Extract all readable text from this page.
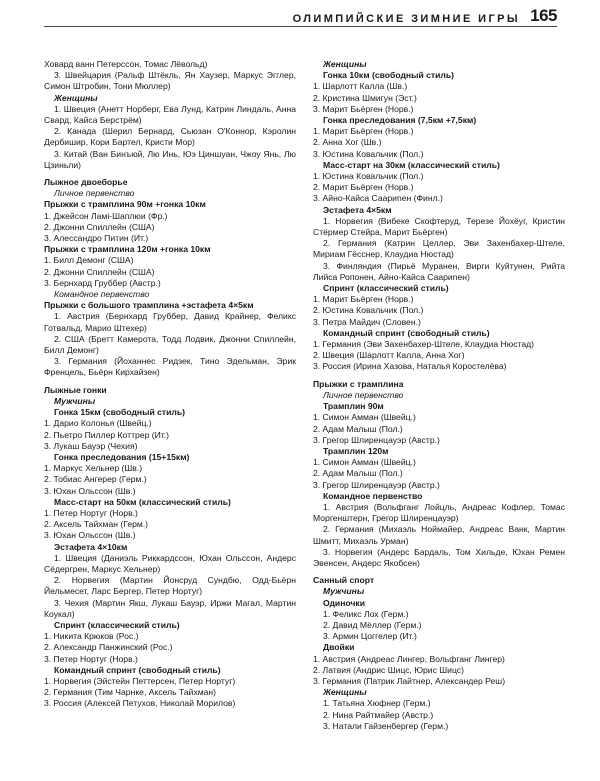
ОЛИМПИЙСКИЕ ЗИМНИЕ ИГРЫ 165
Ховард ванн Петерссон, Томас Лёвольд)
3. Швейцария (Ральф Штёкль, Ян Хаузер, Маркус Эгглер, Симон Штробин, Тони Мюллер)
Женщины
1. Швеция (Анетт Норберг, Ева Лунд, Катрин Линдаль, Анна Свард, Кайса Берстрём)
2. Канада (Шерил Бернард, Сьюзан О'Коннор, Кэролин Дербишир, Кори Бартел, Кристи Мор)
3. Китай (Ван Бинъюй, Лю Инь, Юэ Циншуан, Чжоу Янь, Лю Цзиньли)
Лыжное двоеборье
Личное первенство
Прыжки с трамплина 90м +гонка 10км
1. Джейсон Ламі-Шаплюи (Фр.)
2. Джонни Спиллейн (США)
3. Алессандро Питин (Ит.)
Прыжки с трамплина 120м +гонка 10км
1. Билл Демонг (США)
2. Джонни Спиллейн (США)
3. Бернхард Груббер (Австр.)
Командное первенство
Прыжки с большого трамплина +эстафета 4×5км
1. Австрия (Бернхард Груббер, Давид Крайнер, Феликс Готвальд, Марио Штехер)
2. США (Бретт Камерота, Тодд Лодвик, Джонни Спиллейн, Билл Демонг)
3. Германия (Йоханнес Ридзек, Тино Эдельман, Эрик Френцель, Бьёрн Кирхайзен)
Лыжные гонки
Мужчины
Гонка 15км (свободный стиль)
1. Дарио Колонья (Швейц.)
2. Пьетро Пиллер Коттрер (Ит.)
3. Лукаш Бауэр (Чехия)
Гонка преследования (15+15км)
1. Маркус Хельнер (Шв.)
2. Тобиас Ангерер (Герм.)
3. Юхан Ольссон (Шв.)
Масс-старт на 50км (классический стиль)
1. Петер Нортуг (Норв.)
2. Аксель Тайхман (Герм.)
3. Юхан Ольссон (Шв.)
Эстафета 4×10км
1. Швеция (Даниэль Риккардссон, Юхан Ольссон, Андерс Сёдергрен, Маркус Хельнер)
2. Норвегия (Мартин Йонсруд Сундбю, Одд-Бьёрн Йельмесет, Ларс Бергер, Петер Нортуг)
3. Чехия (Мартин Якш, Лукаш Бауэр, Иржи Магал, Мартин Коукал)
Спринт (классический стиль)
1. Никита Крюков (Рос.)
2. Александр Панжинский (Рос.)
3. Петер Нортуг (Норв.)
Командный спринт (свободный стиль)
1. Норвегия (Эйстейн Петтерсен, Петер Нортуг)
2. Германия (Тим Чарнке, Аксель Тайхман)
3. Россия (Алексей Петухов, Николай Морилов)
Женщины
Гонка 10км (свободный стиль)
1. Шарлотт Калла (Шв.)
2. Кристина Шмигун (Эст.)
3. Марит Бьёрген (Норв.)
Гонка преследования (7,5км +7,5км)
1. Марит Бьёрген (Норв.)
2. Анна Хог (Шв.)
3. Юстина Ковальчик (Пол.)
Масс-старт на 30км (классический стиль)
1. Юстина Ковальчик (Пол.)
2. Марит Бьёрген (Норв.)
3. Айно-Кайса Саариnен (Финл.)
Эстафета 4×5км
1. Норвегия (Вибеке Скофтеруд, Терезе Йохёуг, Кристин Стёрмер Стейра, Марит Бьёрген)
2. Германия (Катрин Целлер, Эви Захенбахер-Штеле, Мириам Гёсснер, Клаудиа Нюстад)
3. Финляндия (Пирьё Муранен, Вирги Куйтунен, Рийта Лийса Ропонен, Айно-Кайса Саариnен)
Спринт (классический стиль)
1. Марит Бьёрген (Норв.)
2. Юстина Ковальчик (Пол.)
3. Петра Майдич (Словен.)
Командный спринт (свободный стиль)
1. Германия (Эви Захенбахер-Штеле, Клаудиа Нюстад)
2. Швеция (Шарлотт Калла, Анна Хог)
3. Россия (Ирина Хазова, Наталья Коростелёва)
Прыжки с трамплина
Личное первенство
Трамплин 90м
1. Симон Амман (Швейц.)
2. Адам Малыш (Пол.)
3. Грегор Шлиренцауэр (Австр.)
Трамплин 120м
1. Симон Амман (Швейц.)
2. Адам Малыш (Пол.)
3. Грегор Шлиренцауэр (Австр.)
Командное первенство
1. Австрия (Вольфганг Лойцль, Андреас Кофлер, Томас Моргенштерн, Грегор Шлиренцауэр)
2. Германия (Михаэль Ноймайер, Андреас Ванк, Мартин Шмитт, Михаэль Урман)
3. Норвегия (Андерс Бардаль, Том Хильде, Юхан Ремен Эвенсен, Андерс Якобсен)
Санный спорт
Мужчины
Одиночки
1. Феликс Лох (Герм.)
2. Давид Мёллер (Герм.)
3. Армин Цоггелер (Ит.)
Двойки
1. Австрия (Андреас Лингер, Вольфганг Лингер)
2. Латвия (Андрис Шицс, Юрис Шицс)
3. Германия (Патрик Лайтнер, Александер Реш)
Женщины
1. Татьяна Хюфнер (Герм.)
2. Нина Райтмайер (Австр.)
3. Натали Гайзенбергер (Герм.)
